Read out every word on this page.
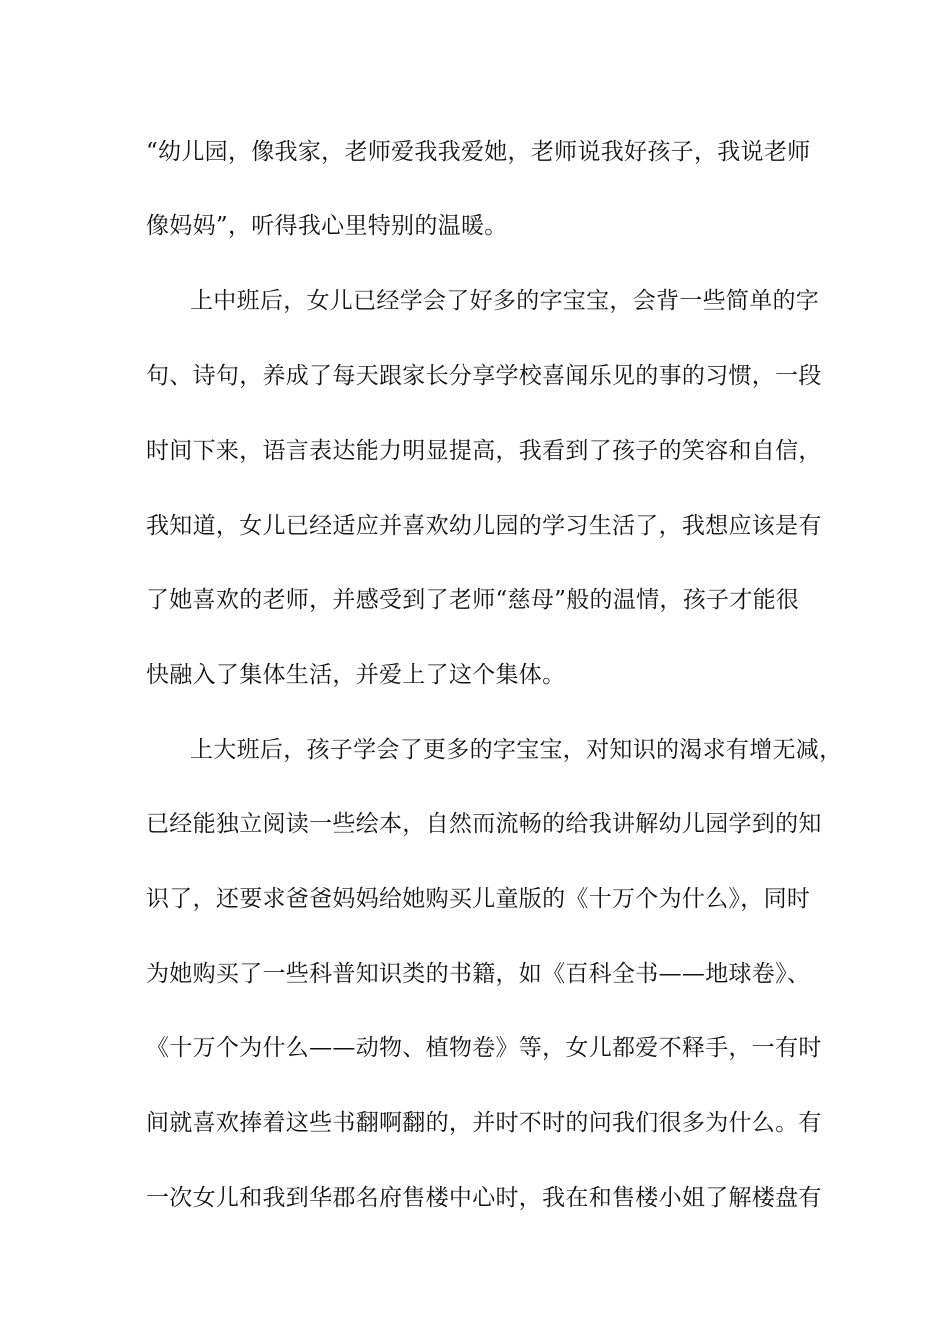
“幼儿园，像我家，老师爱我我爱她，老师说我好孩子，我说老师
像妈妈”，听得我心里特别的温暖。
上中班后，女儿已经学会了好多的字宝宝，会背一些简单的字
句、诗句，养成了每天跟家长分享学校喜闻乐见的事的习惯，一段
时间下来，语言表达能力明显提高，我看到了孩子的笑容和自信，
我知道，女儿已经适应并喜欢幼儿园的学习生活了，我想应该是有
了她喜欢的老师，并感受到了老师“慈母”般的温情，孩子才能很
快融入了集体生活，并爱上了这个集体。
上大班后，孩子学会了更多的字宝宝，对知识的渴求有增无减，
已经能独立阅读一些绘本，自然而流畅的给我讲解幼儿园学到的知
识了，还要求爸爸妈妈给她购买儿童版的《十万个为什么》，同时
为她购买了一些科普知识类的书籍，如《百科全书——地球卷》、
《十万个为什么——动物、植物卷》等，女儿都爱不释手，一有时
间就喜欢捧着这些书翻啊翻的，并时不时的问我们很多为什么。有
一次女儿和我到华郡名府售楼中心时，我在和售楼小姐了解楼盘有
